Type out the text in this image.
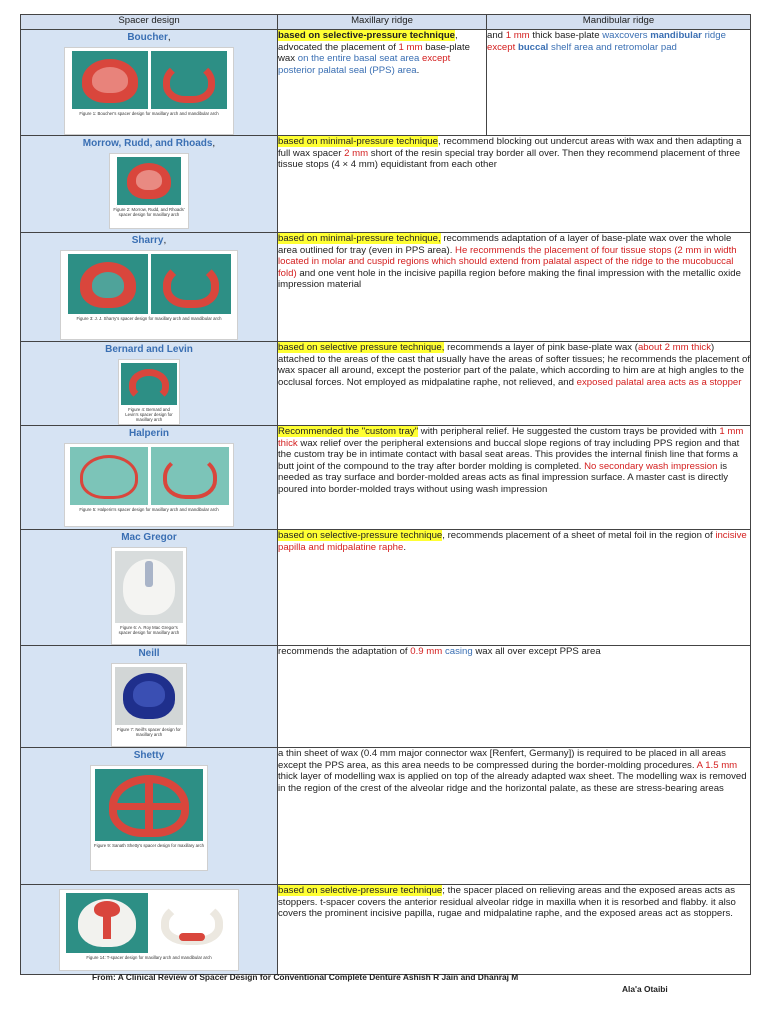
Spacer design	Maxillary ridge	Mandibular ridge

Boucher,
Figure 1: Boucher's spacer design for maxillary arch and mandibular arch	based on selective-pressure technique, advocated the placement of 1 mm base-plate wax on the entire basal seat area except posterior palatal seal (PPS) area.	and 1 mm thick base-plate waxcovers mandibular ridge except buccal shelf area and retromolar pad

Morrow, Rudd, and Rhoads,
Figure 2: Morrow, Rudd, and Rhoads' spacer design for maxillary arch	based on minimal-pressure technique, recommend blocking out undercut areas with wax and then adapting a full wax spacer 2 mm short of the resin special tray border all over. Then they recommend placement of three tissue stops (4 × 4 mm) equidistant from each other	

Sharry,
Figure 3: J. J. Sharry's spacer design for maxillary arch and mandibular arch	based on minimal-pressure technique, recommends adaptation of a layer of base-plate wax over the whole area outlined for tray (even in PPS area). He recommends the placement of four tissue stops (2 mm in width located in molar and cuspid regions which should extend from palatal aspect of the ridge to the mucobuccal fold) and one vent hole in the incisive papilla region before making the final impression with the metallic oxide impression material	

Bernard and Levin
Figure 4: Bernard and Levin's spacer design for maxillary arch	based on selective pressure technique, recommends a layer of pink base-plate wax (about 2 mm thick) attached to the areas of the cast that usually have the areas of softer tissues; he recommends the placement of wax spacer all around, except the posterior part of the palate, which according to him are at high angles to the occlusal forces. Not employed as midpalatine raphe, not relieved, and exposed palatal area acts as a stopper	

Halperin
Figure 5: Halperin's spacer design for maxillary arch and mandibular arch	Recommended the "custom tray" with peripheral relief. He suggested the custom trays be provided with 1 mm thick wax relief over the peripheral extensions and buccal slope regions of tray including PPS region and that the custom tray be in intimate contact with basal seat areas. This provides the internal finish line that forms a butt joint of the compound to the tray after border molding is completed. No secondary wash impression is needed as tray surface and border-molded areas acts as final impression surface. A master cast is directly poured into border-molded trays without using wash impression	

Mac Gregor
Figure 6: A. Roy Mac Gregor's spacer design for maxillary arch	based on selective-pressure technique, recommends placement of a sheet of metal foil in the region of incisive papilla and midpalatine raphe.	

Neill
Figure 7: Neill's spacer design for maxillary arch	recommends the adaptation of 0.9 mm casing wax all over except PPS area	

Shetty
Figure 9: Sanath Shetty's spacer design for maxillary arch	a thin sheet of wax (0.4 mm major connector wax [Renfert, Germany]) is required to be placed in all areas except the PPS area, as this area needs to be compressed during the border-molding procedures. A 1.5 mm thick layer of modelling wax is applied on top of the already adapted wax sheet. The modelling wax is removed in the region of the crest of the alveolar ridge and the horizontal palate, as these are stress-bearing areas	

Figure 14: T-spacer design for maxillary arch and mandibular arch	based on selective-pressure technique; the spacer placed on relieving areas and the exposed areas acts as stoppers. t-spacer covers the anterior residual alveolar ridge in maxilla when it is resorbed and flabby. it also covers the prominent incisive papilla, rugae and midpalatine raphe, and the exposed areas act as stoppers.	
From: A Clinical Review of Spacer Design for Conventional Complete Denture Ashish R Jain and Dhanraj M
Ala'a Otaibi
